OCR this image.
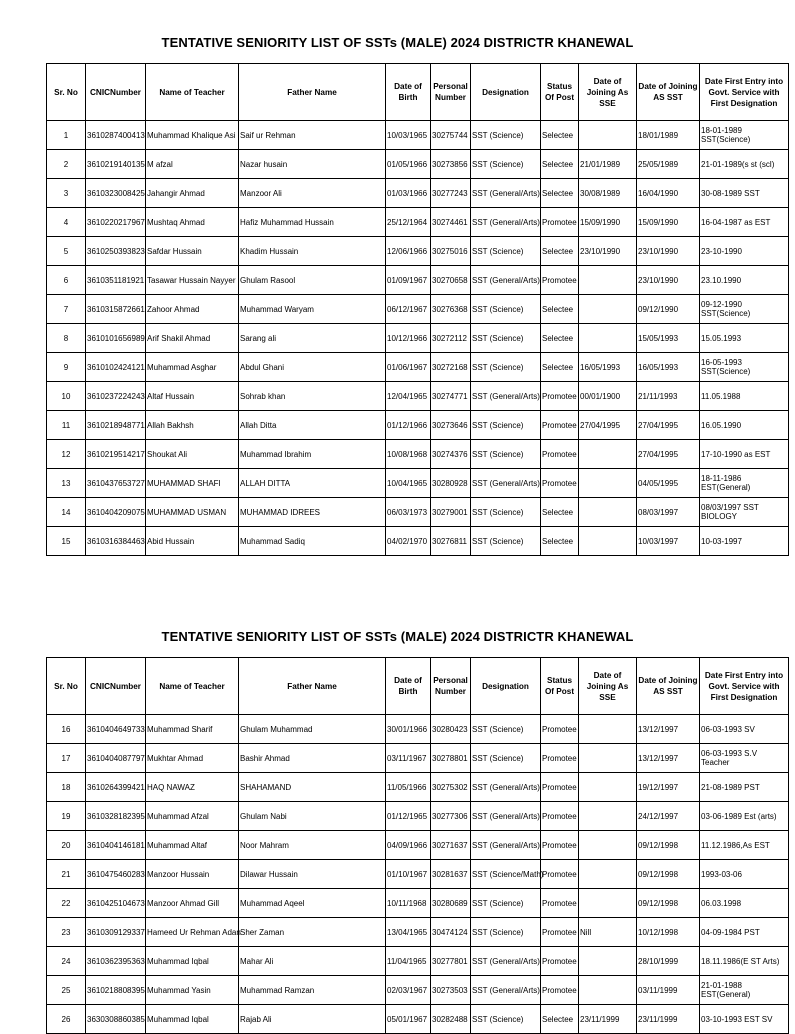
TENTATIVE SENIORITY LIST OF SSTs (MALE) 2024 DISTRICTR KHANEWAL
Sr. No	CNICNumber	Name of Teacher	Father Name	Date of Birth	Personal Number	Designation	Status Of Post	Date of Joining As SSE	Date of Joining AS SST	Date First Entry into Govt. Service with First Designation
1	3610287400413	Muhammad Khalique Asi	Saif ur Rehman	10/03/1965	30275744	SST (Science)	Selectee		18/01/1989	18-01-1989 SST(Science)
2	3610219140135	M afzal	Nazar husain	01/05/1966	30273856	SST (Science)	Selectee	21/01/1989	25/05/1989	21-01-1989(s st (scl)
3	3610323008425	Jahangir Ahmad	Manzoor Ali	01/03/1966	30277243	SST (General/Arts)	Selectee	30/08/1989	16/04/1990	30-08-1989 SST
4	3610220217967	Mushtaq Ahmad	Hafiz Muhammad Hussain	25/12/1964	30274461	SST (General/Arts)	Promotee	15/09/1990	15/09/1990	16-04-1987 as EST
5	3610250393823	Safdar Hussain	Khadim Hussain	12/06/1966	30275016	SST (Science)	Selectee	23/10/1990	23/10/1990	23-10-1990
6	3610351181921	Tasawar Hussain Nayyer	Ghulam Rasool	01/09/1967	30270658	SST (General/Arts)	Promotee		23/10/1990	23.10.1990
7	3610315872661	Zahoor Ahmad	Muhammad Waryam	06/12/1967	30276368	SST (Science)	Selectee		09/12/1990	09-12-1990 SST(Science)
8	3610101656989	Arif Shakil Ahmad	Sarang ali	10/12/1966	30272112	SST (Science)	Selectee		15/05/1993	15.05.1993
9	3610102424121	Muhammad Asghar	Abdul Ghani	01/06/1967	30272168	SST (Science)	Selectee	16/05/1993	16/05/1993	16-05-1993 SST(Science)
10	3610237224243	Altaf Hussain	Sohrab khan	12/04/1965	30274771	SST (General/Arts)	Promotee	00/01/1900	21/11/1993	11.05.1988
11	3610218948771	Allah Bakhsh	Allah Ditta	01/12/1966	30273646	SST (Science)	Promotee	27/04/1995	27/04/1995	16.05.1990
12	3610219514217	Shoukat Ali	Muhammad Ibrahim	10/08/1968	30274376	SST (Science)	Promotee		27/04/1995	17-10-1990 as EST
13	3610437653727	MUHAMMAD SHAFI	ALLAH DITTA	10/04/1965	30280928	SST (General/Arts)	Promotee		04/05/1995	18-11-1986 EST(General)
14	3610404209075	MUHAMMAD USMAN	MUHAMMAD IDREES	06/03/1973	30279001	SST (Science)	Selectee		08/03/1997	08/03/1997 SST BIOLOGY
15	3610316384463	Abid Hussain	Muhammad Sadiq	04/02/1970	30276811	SST (Science)	Selectee		10/03/1997	10-03-1997
TENTATIVE SENIORITY LIST OF SSTs (MALE) 2024 DISTRICTR KHANEWAL
Sr. No	CNICNumber	Name of Teacher	Father Name	Date of Birth	Personal Number	Designation	Status Of Post	Date of Joining As SSE	Date of Joining AS SST	Date First Entry into Govt. Service with First Designation
16	3610404649733	Muhammad Sharif	Ghulam Muhammad	30/01/1966	30280423	SST (Science)	Promotee		13/12/1997	06-03-1993 SV
17	3610404087797	Mukhtar Ahmad	Bashir Ahmad	03/11/1967	30278801	SST (Science)	Promotee		13/12/1997	06-03-1993 S.V Teacher
18	3610264399421	HAQ NAWAZ	SHAHAMAND	11/05/1966	30275302	SST (General/Arts)	Promotee		19/12/1997	21-08-1989 PST
19	3610328182395	Muhammad Afzal	Ghulam Nabi	01/12/1965	30277306	SST (General/Arts)	Promotee		24/12/1997	03-06-1989 Est (arts)
20	3610404146181	Muhammad Altaf	Noor Mahram	04/09/1966	30271637	SST (General/Arts)	Promotee		09/12/1998	11.12.1986,As EST
21	3610475460283	Manzoor Hussain	Dilawar Hussain	01/10/1967	30281637	SST (Science/Math)	Promotee		09/12/1998	1993-03-06
22	3610425104673	Manzoor Ahmad Gill	Muhammad Aqeel	10/11/1968	30280689	SST (Science)	Promotee		09/12/1998	06.03.1998
23	3610309129337	Hameed Ur Rehman Adan	Sher Zaman	13/04/1965	30474124	SST (Science)	Promotee	Nill	10/12/1998	04-09-1984 PST
24	3610362395363	Muhammad Iqbal	Mahar Ali	11/04/1965	30277801	SST (General/Arts)	Promotee		28/10/1999	18.11.1986(E ST Arts)
25	3610218808395	Muhammad Yasin	Muhammad Ramzan	02/03/1967	30273503	SST (General/Arts)	Promotee		03/11/1999	21-01-1988 EST(General)
26	3630308860385	Muhammad Iqbal	Rajab Ali	05/01/1967	30282488	SST (Science)	Selectee	23/11/1999	23/11/1999	03-10-1993 EST SV
